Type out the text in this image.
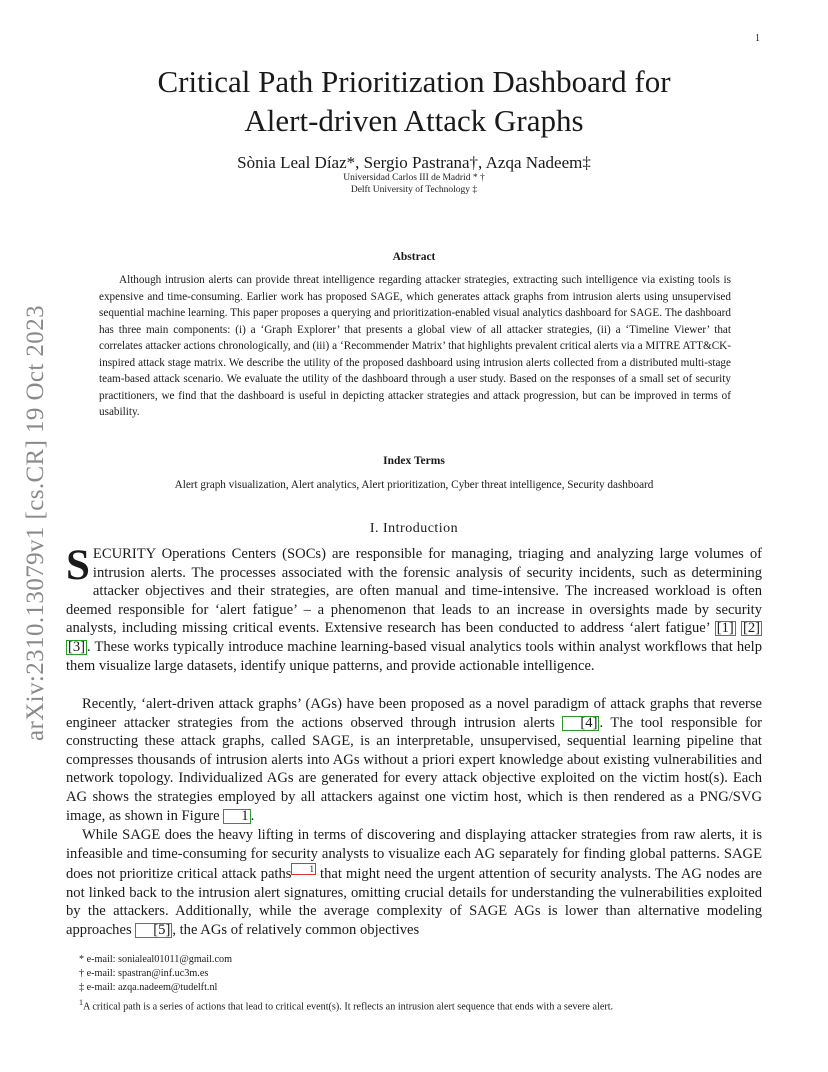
1
arXiv:2310.13079v1 [cs.CR] 19 Oct 2023
Critical Path Prioritization Dashboard for
Alert-driven Attack Graphs
Sònia Leal Díaz*, Sergio Pastrana†, Azqa Nadeem‡
Universidad Carlos III de Madrid * †
Delft University of Technology ‡
Abstract

Although intrusion alerts can provide threat intelligence regarding attacker strategies, extracting such intelligence via existing tools is expensive and time-consuming. Earlier work has proposed SAGE, which generates attack graphs from intrusion alerts using unsupervised sequential machine learning. This paper proposes a querying and prioritization-enabled visual analytics dashboard for SAGE. The dashboard has three main components: (i) a ‘Graph Explorer’ that presents a global view of all attacker strategies, (ii) a ‘Timeline Viewer’ that correlates attacker actions chronologically, and (iii) a ‘Recommender Matrix’ that highlights prevalent critical alerts via a MITRE ATT&CK-inspired attack stage matrix. We describe the utility of the proposed dashboard using intrusion alerts collected from a distributed multi-stage team-based attack scenario. We evaluate the utility of the dashboard through a user study. Based on the responses of a small set of security practitioners, we find that the dashboard is useful in depicting attacker strategies and attack progression, but can be improved in terms of usability.

Index Terms
Alert graph visualization, Alert analytics, Alert prioritization, Cyber threat intelligence, Security dashboard
I. Introduction

SECURITY Operations Centers (SOCs) are responsible for managing, triaging and analyzing large volumes of intrusion alerts. The processes associated with the forensic analysis of security incidents, such as determining attacker objectives and their strategies, are often manual and time-intensive. The increased workload is often deemed responsible for ‘alert fatigue’ – a phenomenon that leads to an increase in oversights made by security analysts, including missing critical events. Extensive research has been conducted to address ‘alert fatigue’ [1] [2] [3] . These works typically introduce machine learning-based visual analytics tools within analyst workflows that help them visualize large datasets, identify unique patterns, and provide actionable intelligence.

Recently, ‘alert-driven attack graphs’ (AGs) have been proposed as a novel paradigm of attack graphs that reverse engineer attacker strategies from the actions observed through intrusion alerts [4] . The tool responsible for constructing these attack graphs, called SAGE, is an interpretable, unsupervised, sequential learning pipeline that compresses thousands of intrusion alerts into AGs without a priori expert knowledge about existing vulnerabilities and network topology. Individualized AGs are generated for every attack objective exploited on the victim host(s). Each AG shows the strategies employed by all attackers against one victim host, which is then rendered as a PNG/SVG image, as shown in Figure 1 .

While SAGE does the heavy lifting in terms of discovering and displaying attacker strategies from raw alerts, it is infeasible and time-consuming for security analysts to visualize each AG separately for finding global patterns. SAGE does not prioritize critical attack paths 1 that might need the urgent attention of security analysts. The AG nodes are not linked back to the intrusion alert signatures, omitting crucial details for understanding the vulnerabilities exploited by the attackers. Additionally, while the average complexity of SAGE AGs is lower than alternative modeling approaches [5] , the AGs of relatively common objectives

* e-mail: sonialeal01011@gmail.com
† e-mail: spastran@inf.uc3m.es
‡ e-mail: azqa.nadeem@tudelft.nl
$^1$A critical path is a series of actions that lead to critical event(s). It reflects an intrusion alert sequence that ends with a severe alert.
